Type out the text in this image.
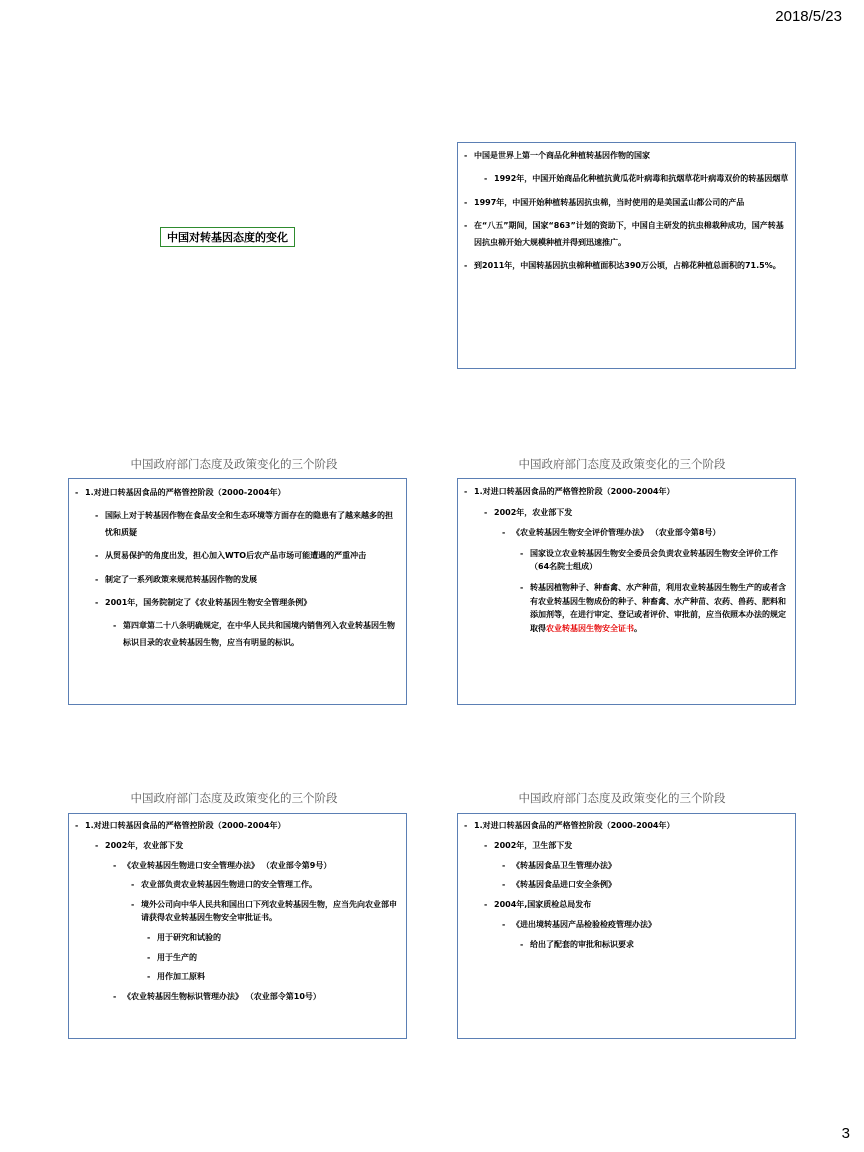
2018/5/23
中国对转基因态度的变化
- 中国是世界上第一个商品化种植转基因作物的国家
- 1992年，中国开始商品化种植抗黄瓜花叶病毒和抗烟草花叶病毒双价的转基因烟草
- 1997年，中国开始种植转基因抗虫棉，当时使用的是美国孟山都公司的产品
- 在“八五”期间，国家“863”计划的资助下，中国自主研发的抗虫棉栽种成功，国产转基因抗虫棉开始大规模种植并得到迅速推广。
- 到2011年，中国转基因抗虫棉种植面积达390万公顷，占棉花种植总面积的71.5%。
中国政府部门态度及政策变化的三个阶段
- 1.对进口转基因食品的严格管控阶段（2000-2004年）
- 国际上对于转基因作物在食品安全和生态环境等方面存在的隐患有了越来越多的担忧和质疑
- 从贸易保护的角度出发，担心加入WTO后农产品市场可能遭遇的严重冲击
- 制定了一系列政策来规范转基因作物的发展
- 2001年，国务院制定了《农业转基因生物安全管理条例》
- 第四章第二十八条明确规定，在中华人民共和国境内销售列入农业转基因生物标识目录的农业转基因生物，应当有明显的标识。
中国政府部门态度及政策变化的三个阶段
- 1.对进口转基因食品的严格管控阶段（2000-2004年）
- 2002年，农业部下发
- 《农业转基因生物安全评价管理办法》 （农业部令第8号）
- 国家设立农业转基因生物安全委员会负责农业转基因生物安全评价工作（64名院士组成）
- 转基因植物种子、种畜禽、水产种苗，利用农业转基因生物生产的或者含有农业转基因生物成份的种子、种畜禽、水产种苗、农药、兽药、肥料和添加剂等，在进行审定、登记或者评价、审批前，应当依照本办法的规定取得农业转基因生物安全证书。
中国政府部门态度及政策变化的三个阶段
- 1.对进口转基因食品的严格管控阶段（2000-2004年）
- 2002年，农业部下发
- 《农业转基因生物进口安全管理办法》 （农业部令第9号）
- 农业部负责农业转基因生物进口的安全管理工作。
- 境外公司向中华人民共和国出口下列农业转基因生物，应当先向农业部申请获得农业转基因生物安全审批证书。
- 用于研究和试验的
- 用于生产的
- 用作加工原料
- 《农业转基因生物标识管理办法》 （农业部令第10号）
中国政府部门态度及政策变化的三个阶段
- 1.对进口转基因食品的严格管控阶段（2000-2004年）
- 2002年，卫生部下发
- 《转基因食品卫生管理办法》
- 《转基因食品进口安全条例》
- 2004年,国家质检总局发布
- 《进出境转基因产品检验检疫管理办法》
- 给出了配套的审批和标识要求
3
